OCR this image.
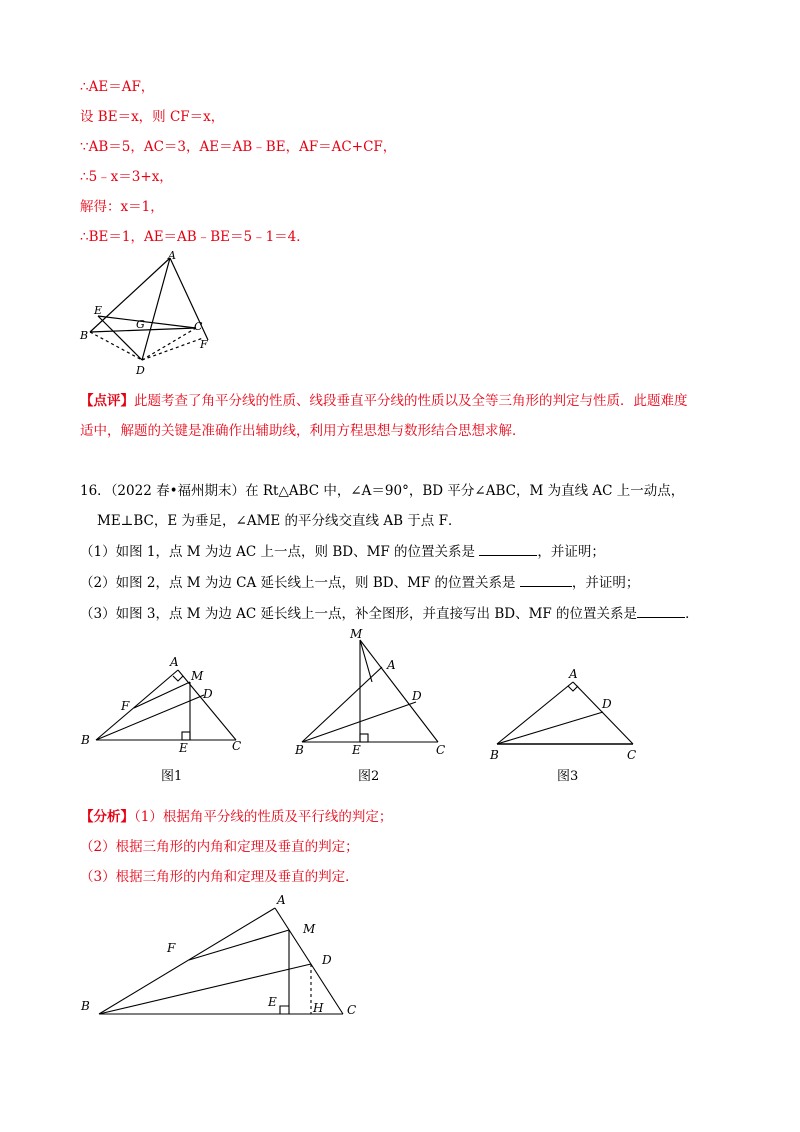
∴AE＝AF，
设 BE＝x，则 CF＝x，
∵AB＝5，AC＝3，AE＝AB﹣BE，AF＝AC+CF，
∴5﹣x＝3+x，
解得：x＝1，
∴BE＝1，AE＝AB﹣BE＝5﹣1＝4．
A
E
G	C
B
D
F
【点评】此题考查了角平分线的性质、线段垂直平分线的性质以及全等三角形的判定与性质．此题难度
适中，解题的关键是准确作出辅助线，利用方程思想与数形结合思想求解．
16．（2022 春•福州期末）在 Rt△ABC 中，∠A＝90°，BD 平分∠ABC，M 为直线 AC 上一动点，
ME⊥BC，E 为垂足，∠AME 的平分线交直线 AB 于点 F．
（1）如图 1，点 M 为边 AC 上一点，则 BD、MF 的位置关系是	，并证明；
（2）如图 2，点 M 为边 CA 延长线上一点，则 BD、MF 的位置关系是	，并证明；
（3）如图 3，点 M 为边 AC 延长线上一点，补全图形，并直接写出 BD、MF 的位置关系是	．
A
M
D
F
B
E	C
图1
M
A
D
B	E	C
图2
A
D
B	C
图3
【分析】（1）根据角平分线的性质及平行线的判定；
（2）根据三角形的内角和定理及垂直的判定；
（3）根据三角形的内角和定理及垂直的判定．
A
M
F
D
B	E	H C
